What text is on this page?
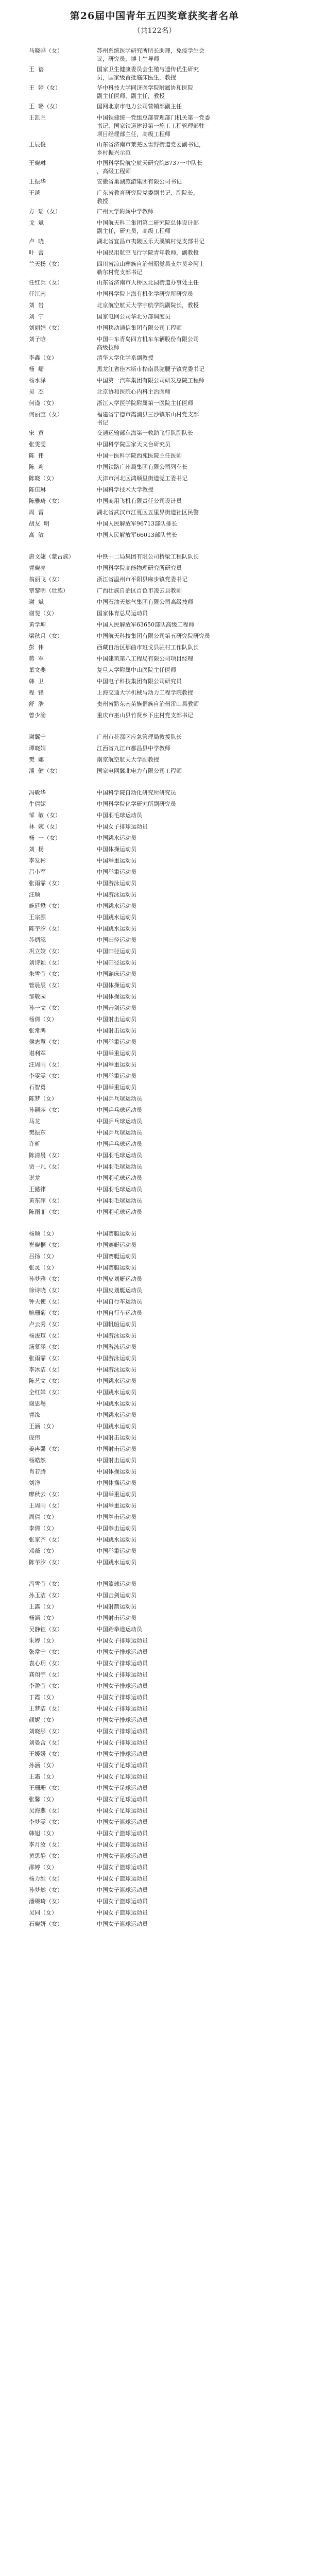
第26届中国青年五四奖章获奖者名单
（共122名）
马晓骅（女）	苏州系统医学研究所所长助理，免疫学生会
议，研究员，博士生导师
王  蓓	国家卫生健康委员会生殖与遗传优生研究
员，国家级首批临床医生，教授
王  婷（女）	华中科技大学同济医学院附属协和医院
副主任医师，副主任，教授
王  璐（女）	国网北京市电力公司营销部副主任
王凯兰	中国铁建统一党组总部管理部门机关第一党委
书记、国家铁道建设第一施工工程管理部驻
项目经理部主任，高级工程师
王辰俊	山东省济南市莱芜区雪野街道党委副书记，
乡村振兴示范
王晓琳	中国科学院航空航天研究院B737一中队长
，高级工程师
王振华	安徽省巢湖旅游集团有限公司书记
王越	广东省教育研究院党委副书记、副院长，
教授
方  瑶（女）	广州大学附属中学教师
戈  斌	中国航天科工集团第二研究院总体设计部
副主任，研究员，高级工程师
卢  晓	湖北省宜昌市夷陵区乐天溪镇村党支部书记
叶  蕾	中国民用航空飞行学院青年教师，副教授
兰天扬（女）	四川省凉山彝族自治州昭觉县支尔莫乡阿土
勒尔村党支部书记
任红兵（女）	山东省济南市天桥区北园街道办事处主任
任江南	中国科学院上海有机化学研究所研究员
刘  岩	北京航空航天大学宇航学院副院长，教授
刘  宁	国家电网公司华北分部调度员
刘丽娟（女）	中国移动通信集团有限公司工程师
刘子晗	中国中车青岛四方机车车辆股份有限公司
高级技师
李鑫（女）	清华大学化学系副教授
杨  嵋	黑龙江省佳木斯市桦南县驼腰子镇党委书记
杨水泽	中国第一汽车集团有限公司研发总院工程师
吴  杰	北京协和医院心内科主治医师
何谨（女）	浙江大学医学院附属第一医院主任医师
何丽宝（女）	福建省宁德市霞浦县三沙镇东山村党支部
书记
宋  黄	交通运输部东海第一救助飞行队副队长
张雯雯	中国科学院国家天文台研究员
陈  伟	中国中医科学院西苑医院主任医师
陈  莉	中国铁路广州局集团有限公司列车长
陈晓（女）	天津市河北区鸿顺里街道党工委书记
陈佳琳	中国科学技术大学教授
陈雅琦（女）	中国商用飞机有限责任公司设计员
周  雷	湖北省武汉市江夏区五里界街道社区民警
胡友  明	中国人民解放军96713部队排长
高  敏	中国人民解放军66013部队营长
唐文婕（蒙古族）	中铁十二局集团有限公司桥梁工程队队长
曹晓亮	中国科学院高能物理研究所研究员
翁丽飞（女）	浙江省温州市平阳县麻步镇党委书记
覃黎明（壮族）	广西壮族自治区百色市凌云县教师
谢  斌	中国石油天然气集团有限公司高级技师
谢斐（女）	国家体育总局运动员
黄学坤	中国人民解放军63650部队高级工程师
梁秋月（女）	中国航天科技集团有限公司第五研究院研究员
彭  伟	西藏自治区那曲市班戈县驻村工作队队长
蒋  军	中国建筑第八工程局有限公司项目经理
董文斐	复旦大学附属中山医院主任医师
韩  卫	中国电子科技集团有限公司研究员
程  锋	上海交通大学机械与动力工程学院教授
舒  浩	贵州省黔东南苗族侗族自治州雷山县教师
曾少渝	重庆市巫山县竹贤乡下庄村党支部书记
谢翼宁	广州市花都区应急管理局救援队长
谭晓娟	江西省九江市都昌县中学教师
樊  娜	南京航空航天大学副教授
潘  健（女）	国家电网冀北电力有限公司工程师
冯敏华	中国科学院自动化研究所研究员
牛倩妮	中国科学院化学研究所副研究员
邹  敏（女）	中国羽毛球运动员
林  婉（女）	中国女子排球运动员
杨  一（女）	中国跳水运动员
刘  杨	中国体操运动员
李发彬	中国举重运动员
吕小军	中国举重运动员
张雨霏（女）	中国游泳运动员
汪顺	中国游泳运动员
施廷懋（女）	中国跳水运动员
王宗源	中国跳水运动员
陈芋汐（女）	中国跳水运动员
苏炳添	中国田径运动员
巩立姣（女）	中国田径运动员
刘诗颖（女）	中国田径运动员
朱雪莹（女）	中国蹦床运动员
管晨辰（女）	中国体操运动员
邹敬园	中国体操运动员
孙一文（女）	中国击剑运动员
杨倩（女）	中国射击运动员
张常鸿	中国射击运动员
侯志慧（女）	中国举重运动员
谌利军	中国举重运动员
汪周雨（女）	中国举重运动员
李雯雯（女）	中国举重运动员
石智勇	中国举重运动员
陈梦（女）	中国乒乓球运动员
孙颖莎（女）	中国乒乓球运动员
马龙	中国乒乓球运动员
樊振东	中国乒乓球运动员
许昕	中国乒乓球运动员
陈清晨（女）	中国羽毛球运动员
贾一凡（女）	中国羽毛球运动员
谌龙	中国羽毛球运动员
王懿律	中国羽毛球运动员
黄东萍（女）	中国羽毛球运动员
陈雨菲（女）	中国羽毛球运动员
杨顺（女）	中国赛艇运动员
崔晓桐（女）	中国赛艇运动员
吕扬（女）	中国赛艇运动员
张灵（女）	中国赛艇运动员
孙梦雅（女）	中国皮划艇运动员
徐诗晓（女）	中国皮划艇运动员
钟天使（女）	中国自行车运动员
鲍珊菊（女）	中国自行车运动员
卢云秀（女）	中国帆船运动员
杨浚瑄（女）	中国游泳运动员
汤慕涵（女）	中国游泳运动员
张雨霏（女）	中国游泳运动员
李冰洁（女）	中国游泳运动员
陈艺文（女）	中国跳水运动员
全红婵（女）	中国跳水运动员
谢思埸	中国跳水运动员
曹缘	中国跳水运动员
王涵（女）	中国跳水运动员
庞伟	中国射击运动员
姜冉馨（女）	中国射击运动员
杨皓然	中国射击运动员
肖若腾	中国体操运动员
刘洋	中国体操运动员
廖秋云（女）	中国举重运动员
王周雨（女）	中国举重运动员
周倩（女）	中国拳击运动员
李倩（女）	中国拳击运动员
张家齐（女）	中国跳水运动员
邓薇（女）	中国举重运动员
陈芋汐（女）	中国跳水运动员
冯雪莹（女）	中国篮球运动员
孙玉洁（女）	中国击剑运动员
王露（女）	中国射箭运动员
杨涵（女）	中国射击运动员
吴静钰（女）	中国跆拳道运动员
朱婷（女）	中国女子排球运动员
张常宁（女）	中国女子排球运动员
袁心玥（女）	中国女子排球运动员
龚翔宇（女）	中国女子排球运动员
李盈莹（女）	中国女子排球运动员
丁霞（女）	中国女子排球运动员
王梦洁（女）	中国女子排球运动员
颜妮（女）	中国女子排球运动员
刘晓彤（女）	中国女子排球运动员
刘晏含（女）	中国女子排球运动员
王媛媛（女）	中国女子排球运动员
孙涵（女）	中国女子足球运动员
王霜（女）	中国女子足球运动员
王珊珊（女）	中国女子足球运动员
张馨（女）	中国女子足球运动员
吴海燕（女）	中国女子足球运动员
李梦雯（女）	中国女子篮球运动员
韩旭（女）	中国女子篮球运动员
李月汝（女）	中国女子篮球运动员
黄思静（女）	中国女子篮球运动员
邵婷（女）	中国女子篮球运动员
杨力维（女）	中国女子篮球运动员
孙梦然（女）	中国女子篮球运动员
潘臻琦（女）	中国女子篮球运动员
吴同（女）	中国女子篮球运动员
石晓妍（女）	中国女子篮球运动员
